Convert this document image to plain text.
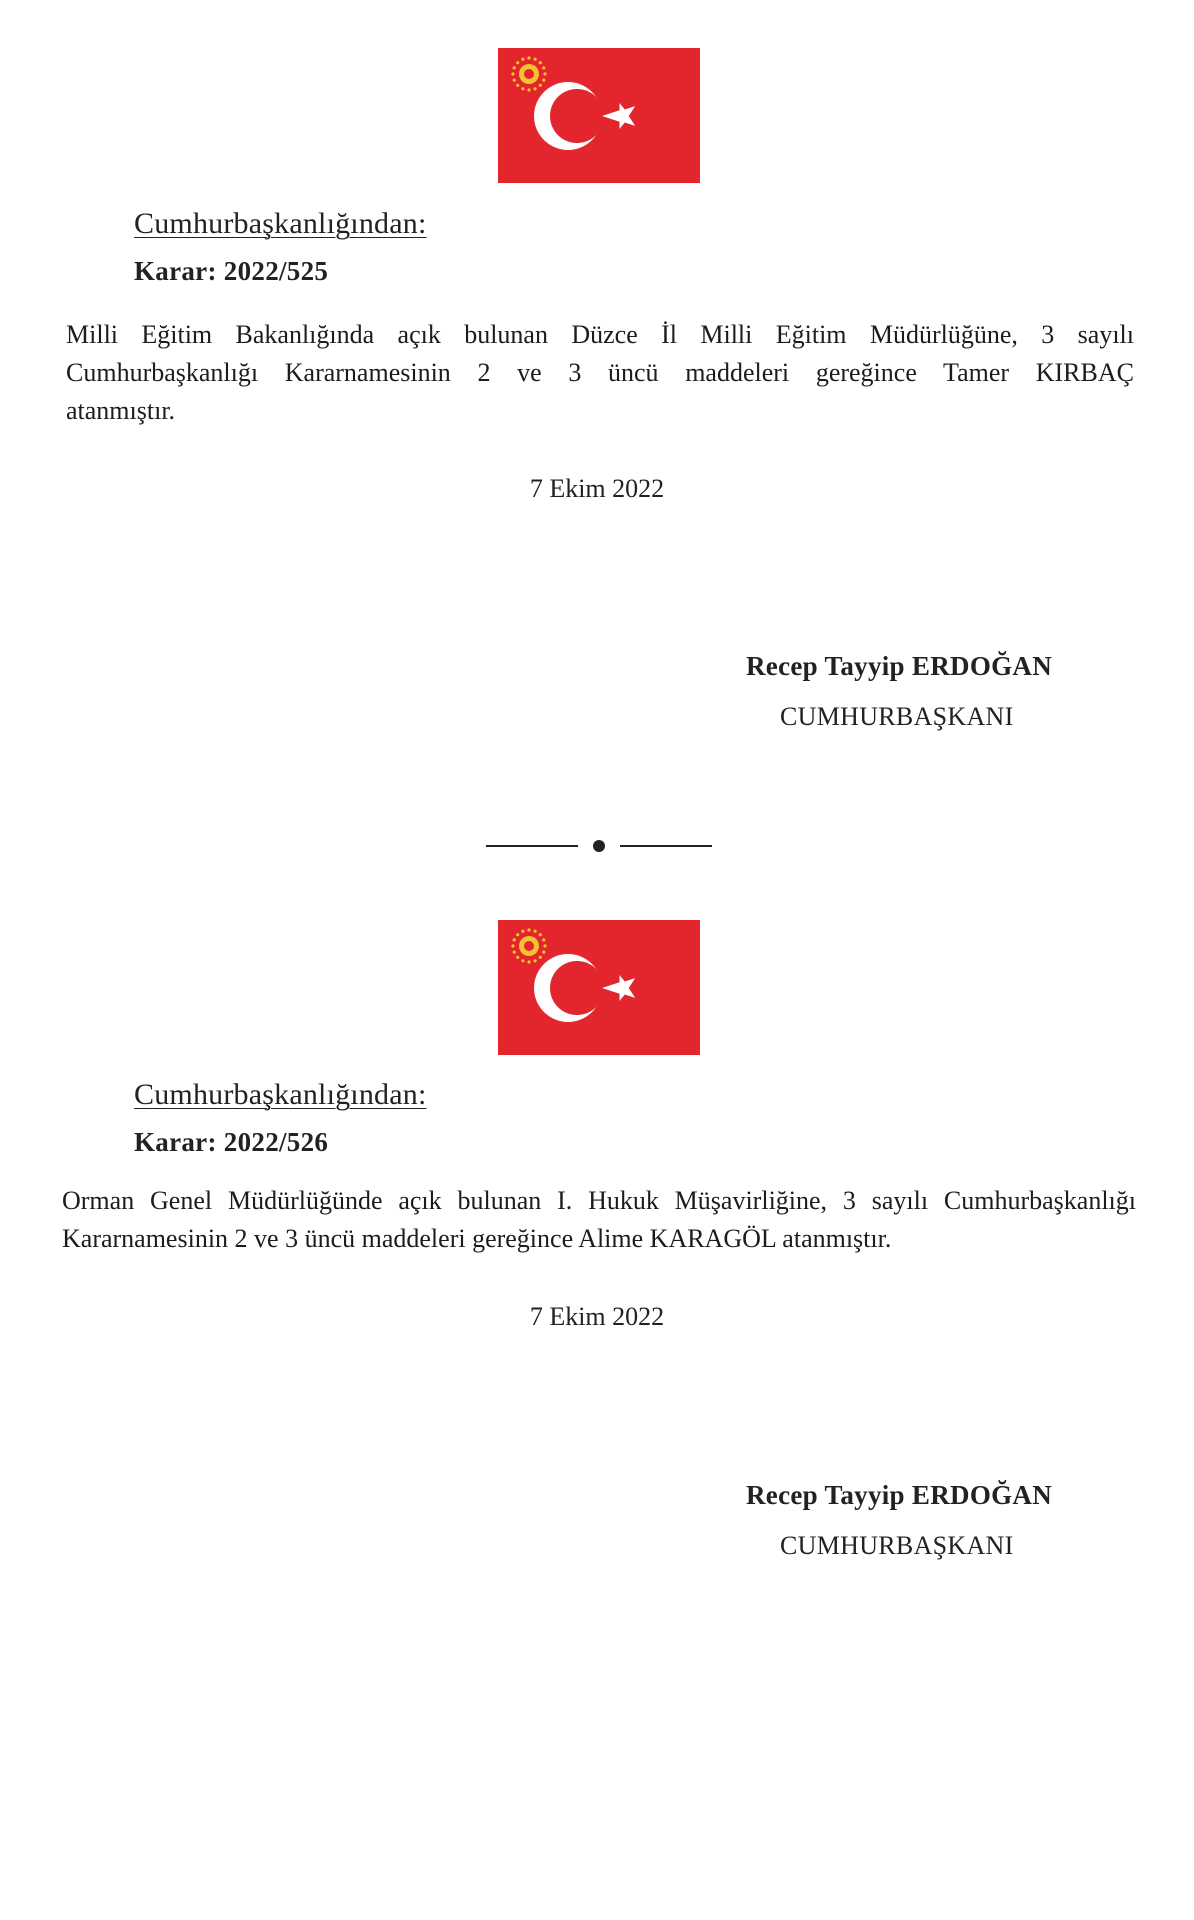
Cumhurbaşkanlığından:
Karar: 2022/525
Milli Eğitim Bakanlığında açık bulunan Düzce İl Milli Eğitim Müdürlüğüne, 3 sayılı
Cumhurbaşkanlığı Kararnamesinin 2 ve 3 üncü maddeleri gereğince Tamer KIRBAÇ
atanmıştır.
7 Ekim 2022
Recep Tayyip ERDOĞAN
CUMHURBAŞKANI
Cumhurbaşkanlığından:
Karar: 2022/526
Orman Genel Müdürlüğünde açık bulunan I. Hukuk Müşavirliğine, 3 sayılı Cumhurbaşkanlığı
Kararnamesinin 2 ve 3 üncü maddeleri gereğince Alime KARAGÖL atanmıştır.
7 Ekim 2022
Recep Tayyip ERDOĞAN
CUMHURBAŞKANI
